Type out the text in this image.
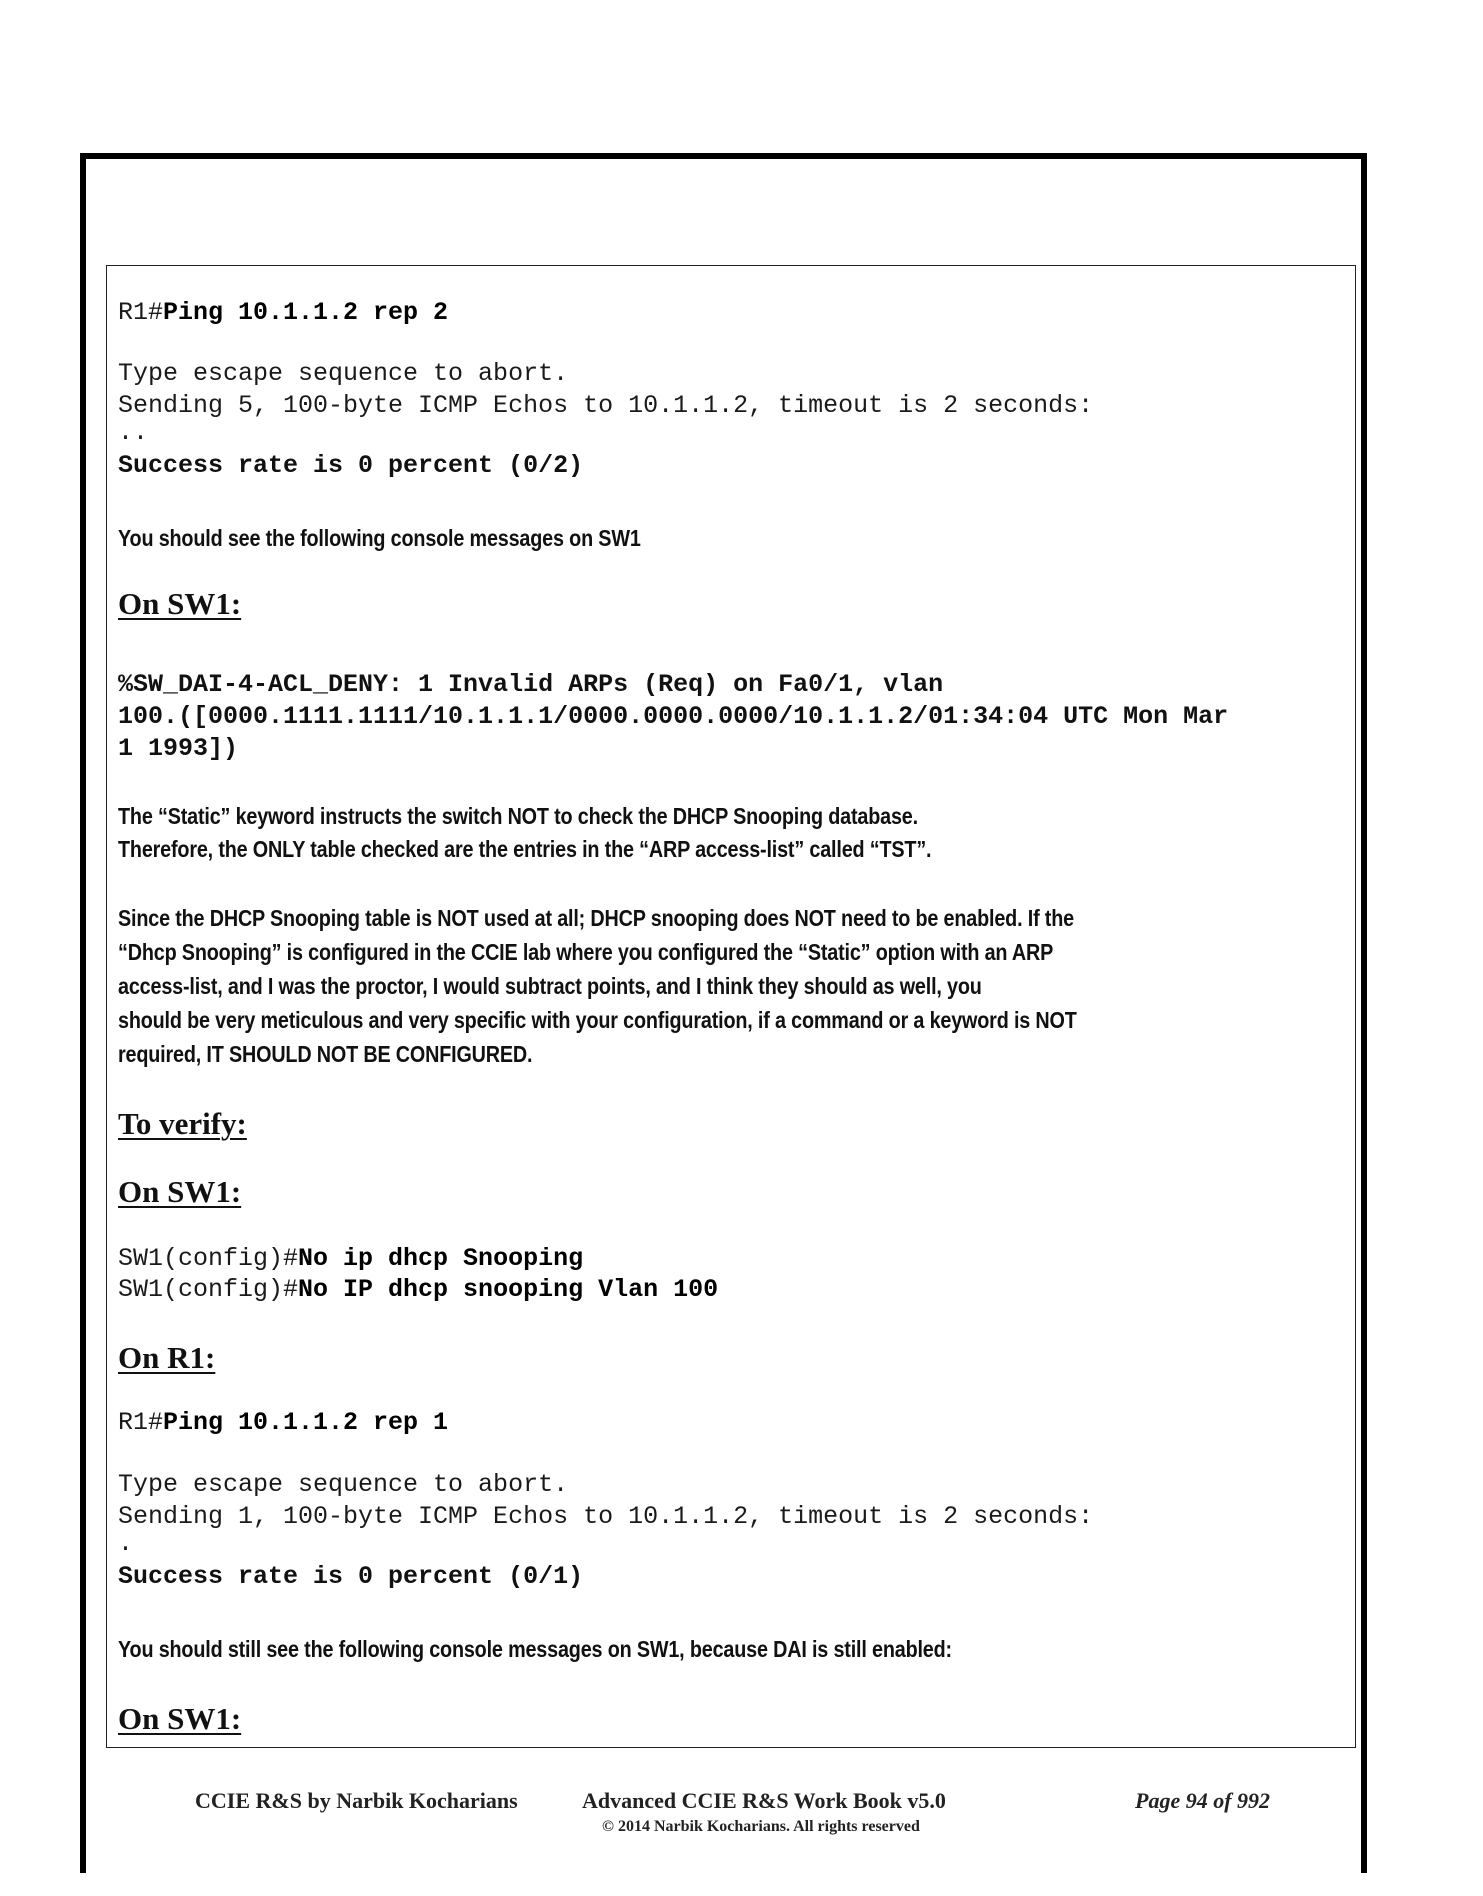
R1#Ping 10.1.1.2 rep 2
Type escape sequence to abort.
Sending 5, 100-byte ICMP Echos to 10.1.1.2, timeout is 2 seconds:
..
Success rate is 0 percent (0/2)
You should see the following console messages on SW1
On SW1:
%SW_DAI-4-ACL_DENY: 1 Invalid ARPs (Req) on Fa0/1, vlan
100.([0000.1111.1111/10.1.1.1/0000.0000.0000/10.1.1.2/01:34:04 UTC Mon Mar
1 1993])
The “Static” keyword instructs the switch NOT to check the DHCP Snooping database.
Therefore, the ONLY table checked are the entries in the “ARP access-list” called “TST”.
Since the DHCP Snooping table is NOT used at all; DHCP snooping does NOT need to be enabled. If the
“Dhcp Snooping” is configured in the CCIE lab where you configured the “Static” option with an ARP
access-list, and I was the proctor, I would subtract points, and I think they should as well, you
should be very meticulous and very specific with your configuration, if a command or a keyword is NOT
required, IT SHOULD NOT BE CONFIGURED.
To verify:
On SW1:
SW1(config)#No ip dhcp Snooping
SW1(config)#No IP dhcp snooping Vlan 100
On R1:
R1#Ping 10.1.1.2 rep 1
Type escape sequence to abort.
Sending 1, 100-byte ICMP Echos to 10.1.1.2, timeout is 2 seconds:
.
Success rate is 0 percent (0/1)
You should still see the following console messages on SW1, because DAI is still enabled:
On SW1:
CCIE R&S by Narbik Kocharians	Advanced CCIE R&S Work Book v5.0
© 2014 Narbik Kocharians. All rights reserved
Page 94 of 992
